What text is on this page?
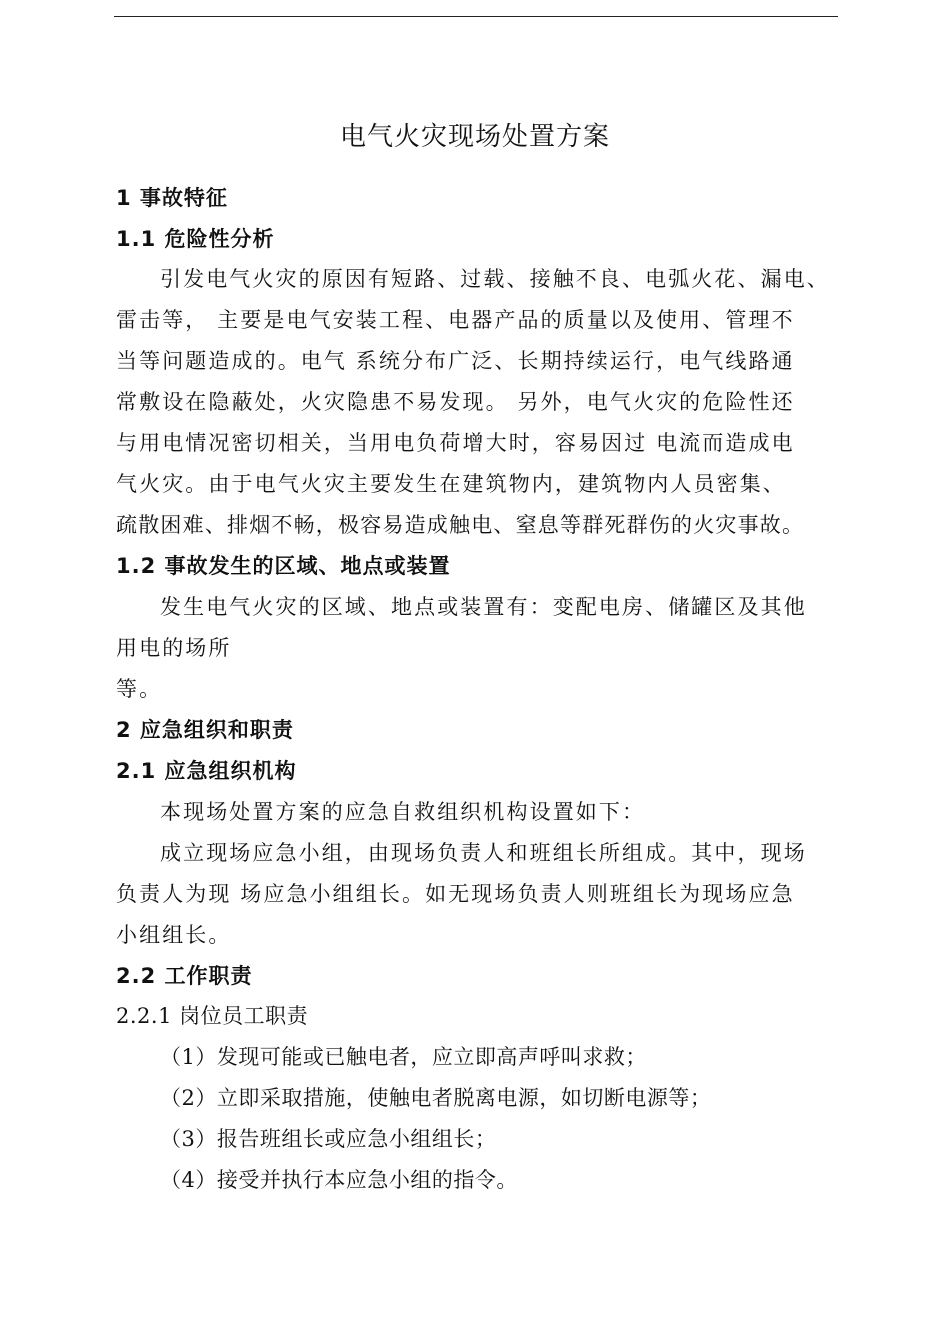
电气火灾现场处置方案
1 事故特征
1.1 危险性分析
引发电气火灾的原因有短路、过载、接触不良、电弧火花、漏电、
雷击等， 主要是电气安装工程、电器产品的质量以及使用、管理不
当等问题造成的。电气 系统分布广泛、长期持续运行，电气线路通
常敷设在隐蔽处，火灾隐患不易发现。 另外，电气火灾的危险性还
与用电情况密切相关，当用电负荷增大时，容易因过 电流而造成电
气火灾。由于电气火灾主要发生在建筑物内，建筑物内人员密集、
疏散困难、排烟不畅，极容易造成触电、窒息等群死群伤的火灾事故。
1.2 事故发生的区域、地点或装置
发生电气火灾的区域、地点或装置有：变配电房、储罐区及其他
用电的场所
等。
2 应急组织和职责
2.1 应急组织机构
本现场处置方案的应急自救组织机构设置如下：
成立现场应急小组，由现场负责人和班组长所组成。其中，现场
负责人为现 场应急小组组长。如无现场负责人则班组长为现场应急
小组组长。
2.2 工作职责
2.2.1 岗位员工职责
（1）发现可能或已触电者，应立即高声呼叫求救；
（2）立即采取措施，使触电者脱离电源，如切断电源等；
（3）报告班组长或应急小组组长；
（4）接受并执行本应急小组的指令。
